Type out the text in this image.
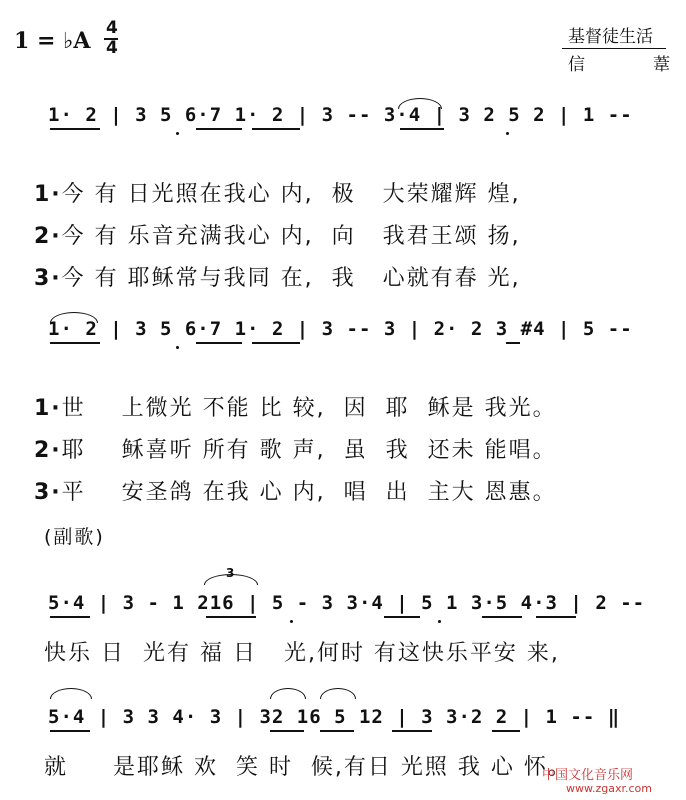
1 = ♭A 4
4
基督徒生活
信　　　　葦
1· 2 | 3 5 6·7 1· 2 | 3 -- 3·4 | 3 2 5 2 | 1 --

1·今 有 日光照在我心 内,  极   大荣耀辉 煌,

2·今 有 乐音充满我心 内,  向   我君王颂 扬,

3·今 有 耶稣常与我同 在,  我   心就有春 光,

1· 2 | 3 5 6·7 1· 2 | 3 -- 3 | 2· 2 3 #4 | 5 --

1·世    上微光 不能 比 较,  因  耶  稣是 我光。

2·耶    稣喜听 所有 歌 声,  虽  我  还未 能唱。

3·平    安圣鸽 在我 心 内,  唱  出  主大 恩惠。

(副歌)
3
5·4 | 3 - 1 216 | 5 - 3 3·4 | 5 1 3·5 4·3 | 2 --
快乐 日  光有 福 日   光,何时 有这快乐平安 来,
5·4 | 3 3 4· 3 | 32 16 5 12 | 3 3·2 2 | 1 -- ‖
就     是耶稣 欢  笑 时  候,有日 光照 我 心 怀。
中国文化音乐网
www.zgaxr.com
